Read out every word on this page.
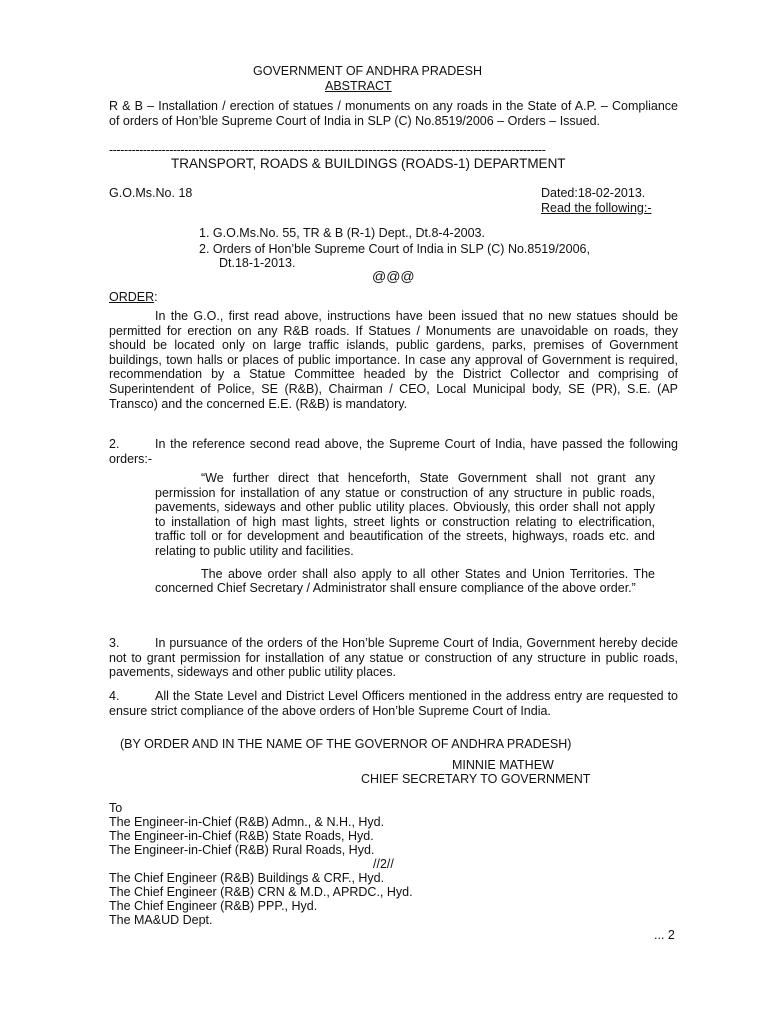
GOVERNMENT OF ANDHRA PRADESH
ABSTRACT

R & B – Installation / erection of statues / monuments on any roads in the State of A.P. – Compliance of orders of Hon’ble Supreme Court of India in SLP (C) No.8519/2006 – Orders – Issued.

--------------------------------------------------------------------------------------------------------------------
TRANSPORT, ROADS & BUILDINGS (ROADS-1) DEPARTMENT
G.O.Ms.No. 18	Dated:18-02-2013.
Read the following:-
1. G.O.Ms.No. 55, TR & B (R-1) Dept., Dt.8-4-2003.
2. Orders of Hon’ble Supreme Court of India in SLP (C) No.8519/2006,
Dt.18-1-2013.
@@@
ORDER:

In the G.O., first read above, instructions have been issued that no new statues should be permitted for erection on any R&B roads. If Statues / Monuments are unavoidable on roads, they should be located only on large traffic islands, public gardens, parks, premises of Government buildings, town halls or places of public importance. In case any approval of Government is required, recommendation by a Statue Committee headed by the District Collector and comprising of Superintendent of Police, SE (R&B), Chairman / CEO, Local Municipal body, SE (PR), S.E. (AP Transco) and the concerned E.E. (R&B) is mandatory.

2.	In the reference second read above, the Supreme Court of India, have passed the following orders:-

“We further direct that henceforth, State Government shall not grant any permission for installation of any statue or construction of any structure in public roads, pavements, sideways and other public utility places. Obviously, this order shall not apply to installation of high mast lights, street lights or construction relating to electrification, traffic toll or for development and beautification of the streets, highways, roads etc. and relating to public utility and facilities.

The above order shall also apply to all other States and Union Territories. The concerned Chief Secretary / Administrator shall ensure compliance of the above order.”

3.	In pursuance of the orders of the Hon’ble Supreme Court of India, Government hereby decide not to grant permission for installation of any statue or construction of any structure in public roads, pavements, sideways and other public utility places.

4.	All the State Level and District Level Officers mentioned in the address entry are requested to ensure strict compliance of the above orders of Hon’ble Supreme Court of India.

(BY ORDER AND IN THE NAME OF THE GOVERNOR OF ANDHRA PRADESH)
MINNIE MATHEW
CHIEF SECRETARY TO GOVERNMENT
To
The Engineer-in-Chief (R&B) Admn., & N.H., Hyd.
The Engineer-in-Chief (R&B) State Roads, Hyd.
The Engineer-in-Chief (R&B) Rural Roads, Hyd.
//2//
The Chief Engineer (R&B) Buildings & CRF., Hyd.
The Chief Engineer (R&B) CRN & M.D., APRDC., Hyd.
The Chief Engineer (R&B) PPP., Hyd.
The MA&UD Dept.
... 2
